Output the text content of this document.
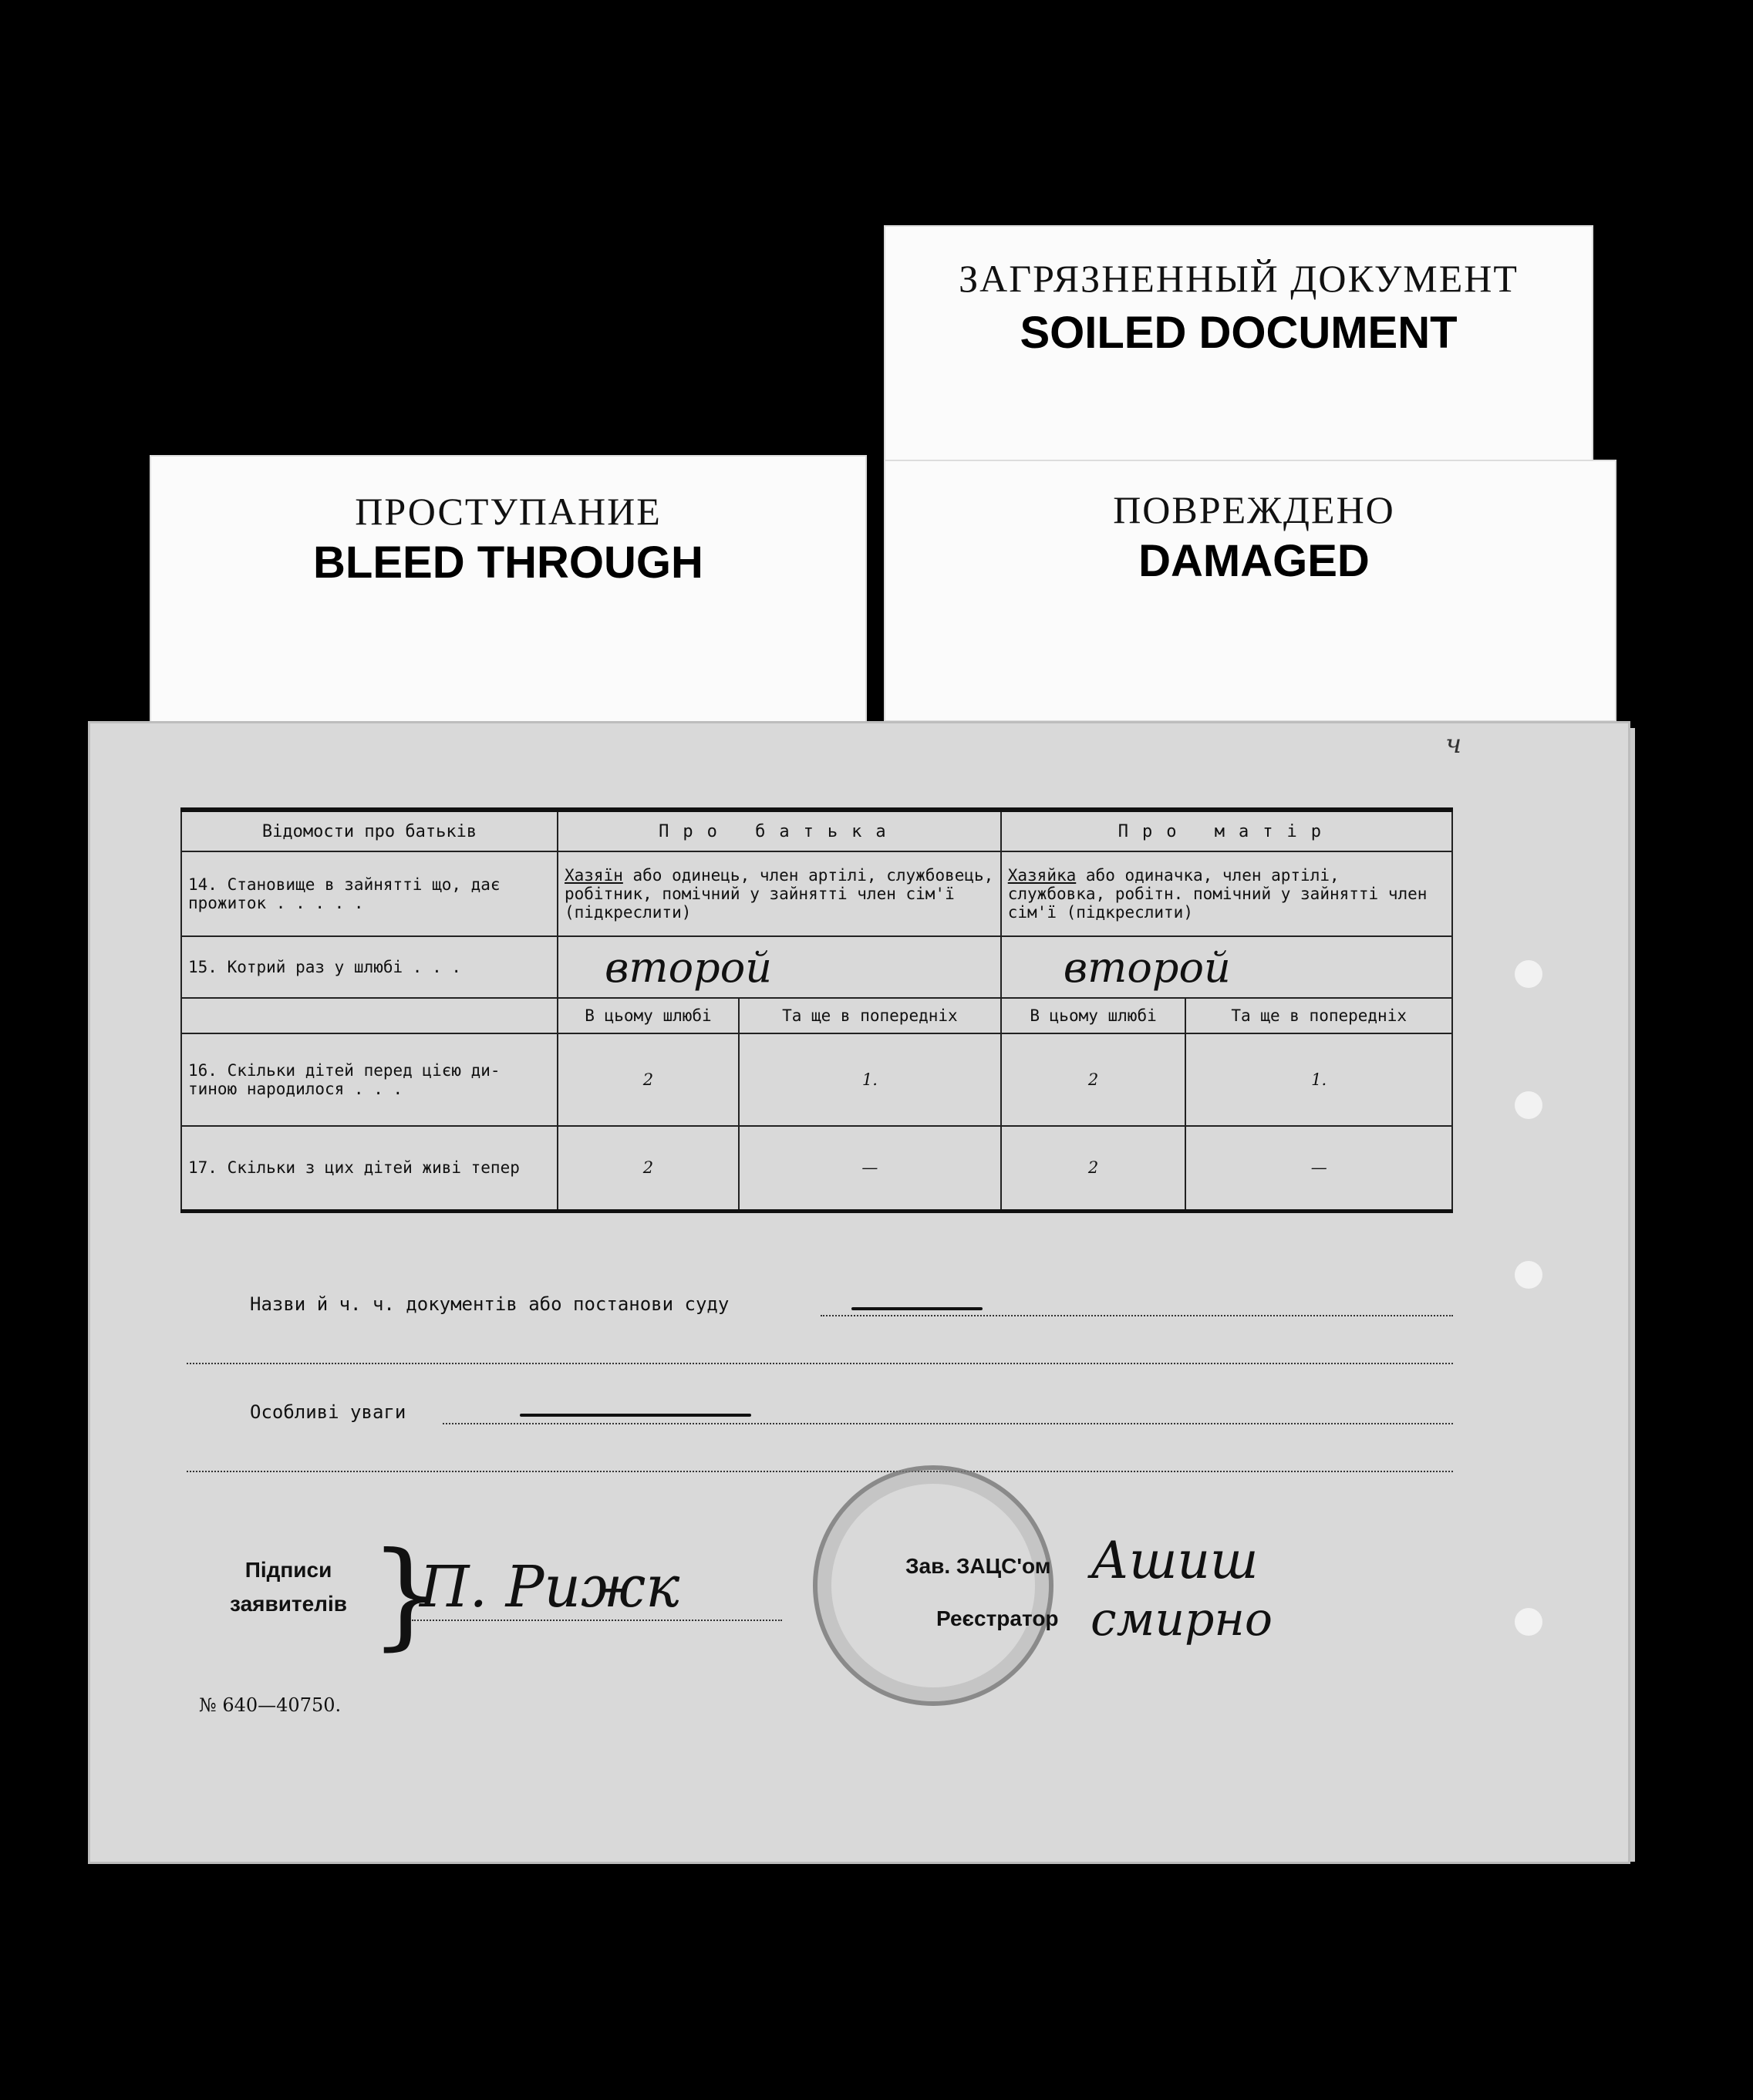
ЗАГРЯЗНЕННЫЙ ДОКУМЕНТ
SOILED DOCUMENT
ПРОСТУПАНИЕ
BLEED THROUGH
ПОВРЕЖДЕНО
DAMAGED
ч
Відомости про батьків	Про батька		Про матір	

14. Становище в зайнятті що, дає
прожиток . . . . .	Хазяїн або одинець, член артілі, службовець, робітник, помічний у зайнятті член сім'ї (підкреслити)		Хазяйка або одиначка, член артілі, службовка, робітн. помічний у зайнятті член сім'ї (підкреслити)	
15. Котрий раз у шлюбі . . .	второй		второй	
	В цьому шлюбі	Та ще в попередніх	В цьому шлюбі	Та ще в попередніх

16. Скільки дітей перед цією ди-
тиною народилося . . .	2	1.	2	1.
17. Скільки з цих дітей живі тепер	2	—	2	—
Назви й ч. ч. документів або постанови суду
Особливі уваги
Підписи
заявителів }
П. Рижк	Зав. ЗАЦС'ом
Реєстратор
Ашиш
смирно
№ 640—40750.
